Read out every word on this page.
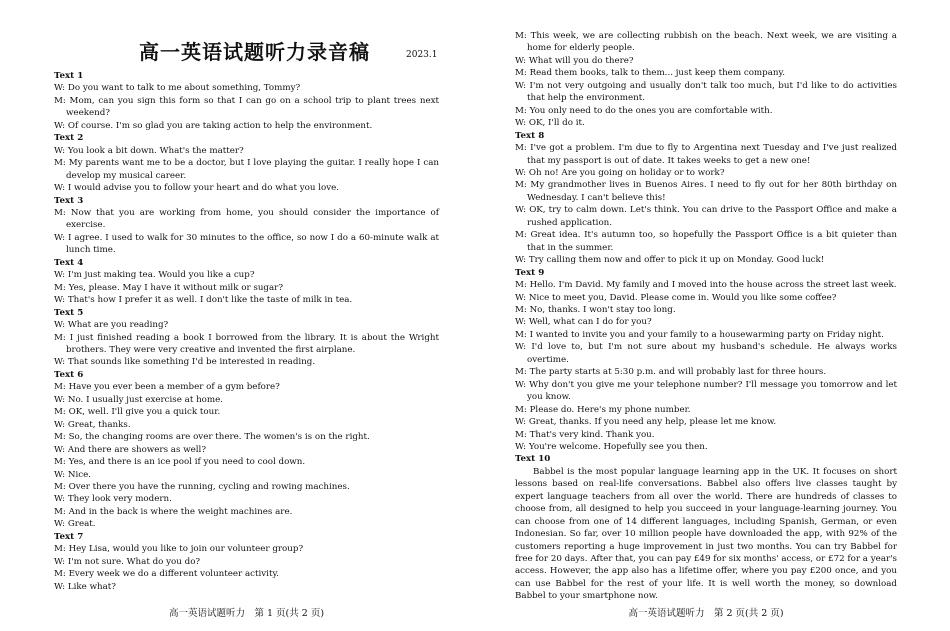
高一英语试题听力录音稿	2023.1

Text 1

W: Do you want to talk to me about something, Tommy?

M: Mom, can you sign this form so that I can go on a school trip to plant trees next weekend?

W: Of course. I'm so glad you are taking action to help the environment.

Text 2

W: You look a bit down. What's the matter?

M: My parents want me to be a doctor, but I love playing the guitar. I really hope I can develop my musical career.

W: I would advise you to follow your heart and do what you love.

Text 3

M: Now that you are working from home, you should consider the importance of exercise.

W: I agree. I used to walk for 30 minutes to the office, so now I do a 60-minute walk at lunch time.

Text 4

W: I'm just making tea. Would you like a cup?

M: Yes, please. May I have it without milk or sugar?

W: That's how I prefer it as well. I don't like the taste of milk in tea.

Text 5

W: What are you reading?

M: I just finished reading a book I borrowed from the library. It is about the Wright brothers. They were very creative and invented the first airplane.

W: That sounds like something I'd be interested in reading.

Text 6

M: Have you ever been a member of a gym before?

W: No. I usually just exercise at home.

M: OK, well. I'll give you a quick tour.

W: Great, thanks.

M: So, the changing rooms are over there. The women's is on the right.

W: And there are showers as well?

M: Yes, and there is an ice pool if you need to cool down.

W: Nice.

M: Over there you have the running, cycling and rowing machines.

W: They look very modern.

M: And in the back is where the weight machines are.

W: Great.

Text 7

M: Hey Lisa, would you like to join our volunteer group?

W: I'm not sure. What do you do?

M: Every week we do a different volunteer activity.

W: Like what?

高一英语试题听力　第 1 页(共 2 页)

M: This week, we are collecting rubbish on the beach. Next week, we are visiting a home for elderly people.

W: What will you do there?

M: Read them books, talk to them... just keep them company.

W: I'm not very outgoing and usually don't talk too much, but I'd like to do activities that help the environment.

M: You only need to do the ones you are comfortable with.

W: OK, I'll do it.

Text 8

M: I've got a problem. I'm due to fly to Argentina next Tuesday and I've just realized that my passport is out of date. It takes weeks to get a new one!

W: Oh no! Are you going on holiday or to work?

M: My grandmother lives in Buenos Aires. I need to fly out for her 80th birthday on Wednesday. I can't believe this!

W: OK, try to calm down. Let's think. You can drive to the Passport Office and make a rushed application.

M: Great idea. It's autumn too, so hopefully the Passport Office is a bit quieter than that in the summer.

W: Try calling them now and offer to pick it up on Monday. Good luck!

Text 9

M: Hello. I'm David. My family and I moved into the house across the street last week.

W: Nice to meet you, David. Please come in. Would you like some coffee?

M: No, thanks. I won't stay too long.

W: Well, what can I do for you?

M: I wanted to invite you and your family to a housewarming party on Friday night.

W: I'd love to, but I'm not sure about my husband's schedule. He always works overtime.

M: The party starts at 5:30 p.m. and will probably last for three hours.

W: Why don't you give me your telephone number? I'll message you tomorrow and let you know.

M: Please do. Here's my phone number.

W: Great, thanks. If you need any help, please let me know.

M: That's very kind. Thank you.

W: You're welcome. Hopefully see you then.

Text 10

Babbel is the most popular language learning app in the UK. It focuses on short lessons based on real-life conversations. Babbel also offers live classes taught by expert language teachers from all over the world. There are hundreds of classes to choose from, all designed to help you succeed in your language-learning journey. You can choose from one of 14 different languages, including Spanish, German, or even Indonesian. So far, over 10 million people have downloaded the app, with 92% of the customers reporting a huge improvement in just two months. You can try Babbel for free for 20 days. After that, you can pay £49 for six months' access, or £72 for a year's access. However, the app also has a lifetime offer, where you pay £200 once, and you can use Babbel for the rest of your life. It is well worth the money, so download Babbel to your smartphone now.

高一英语试题听力　第 2 页(共 2 页)
